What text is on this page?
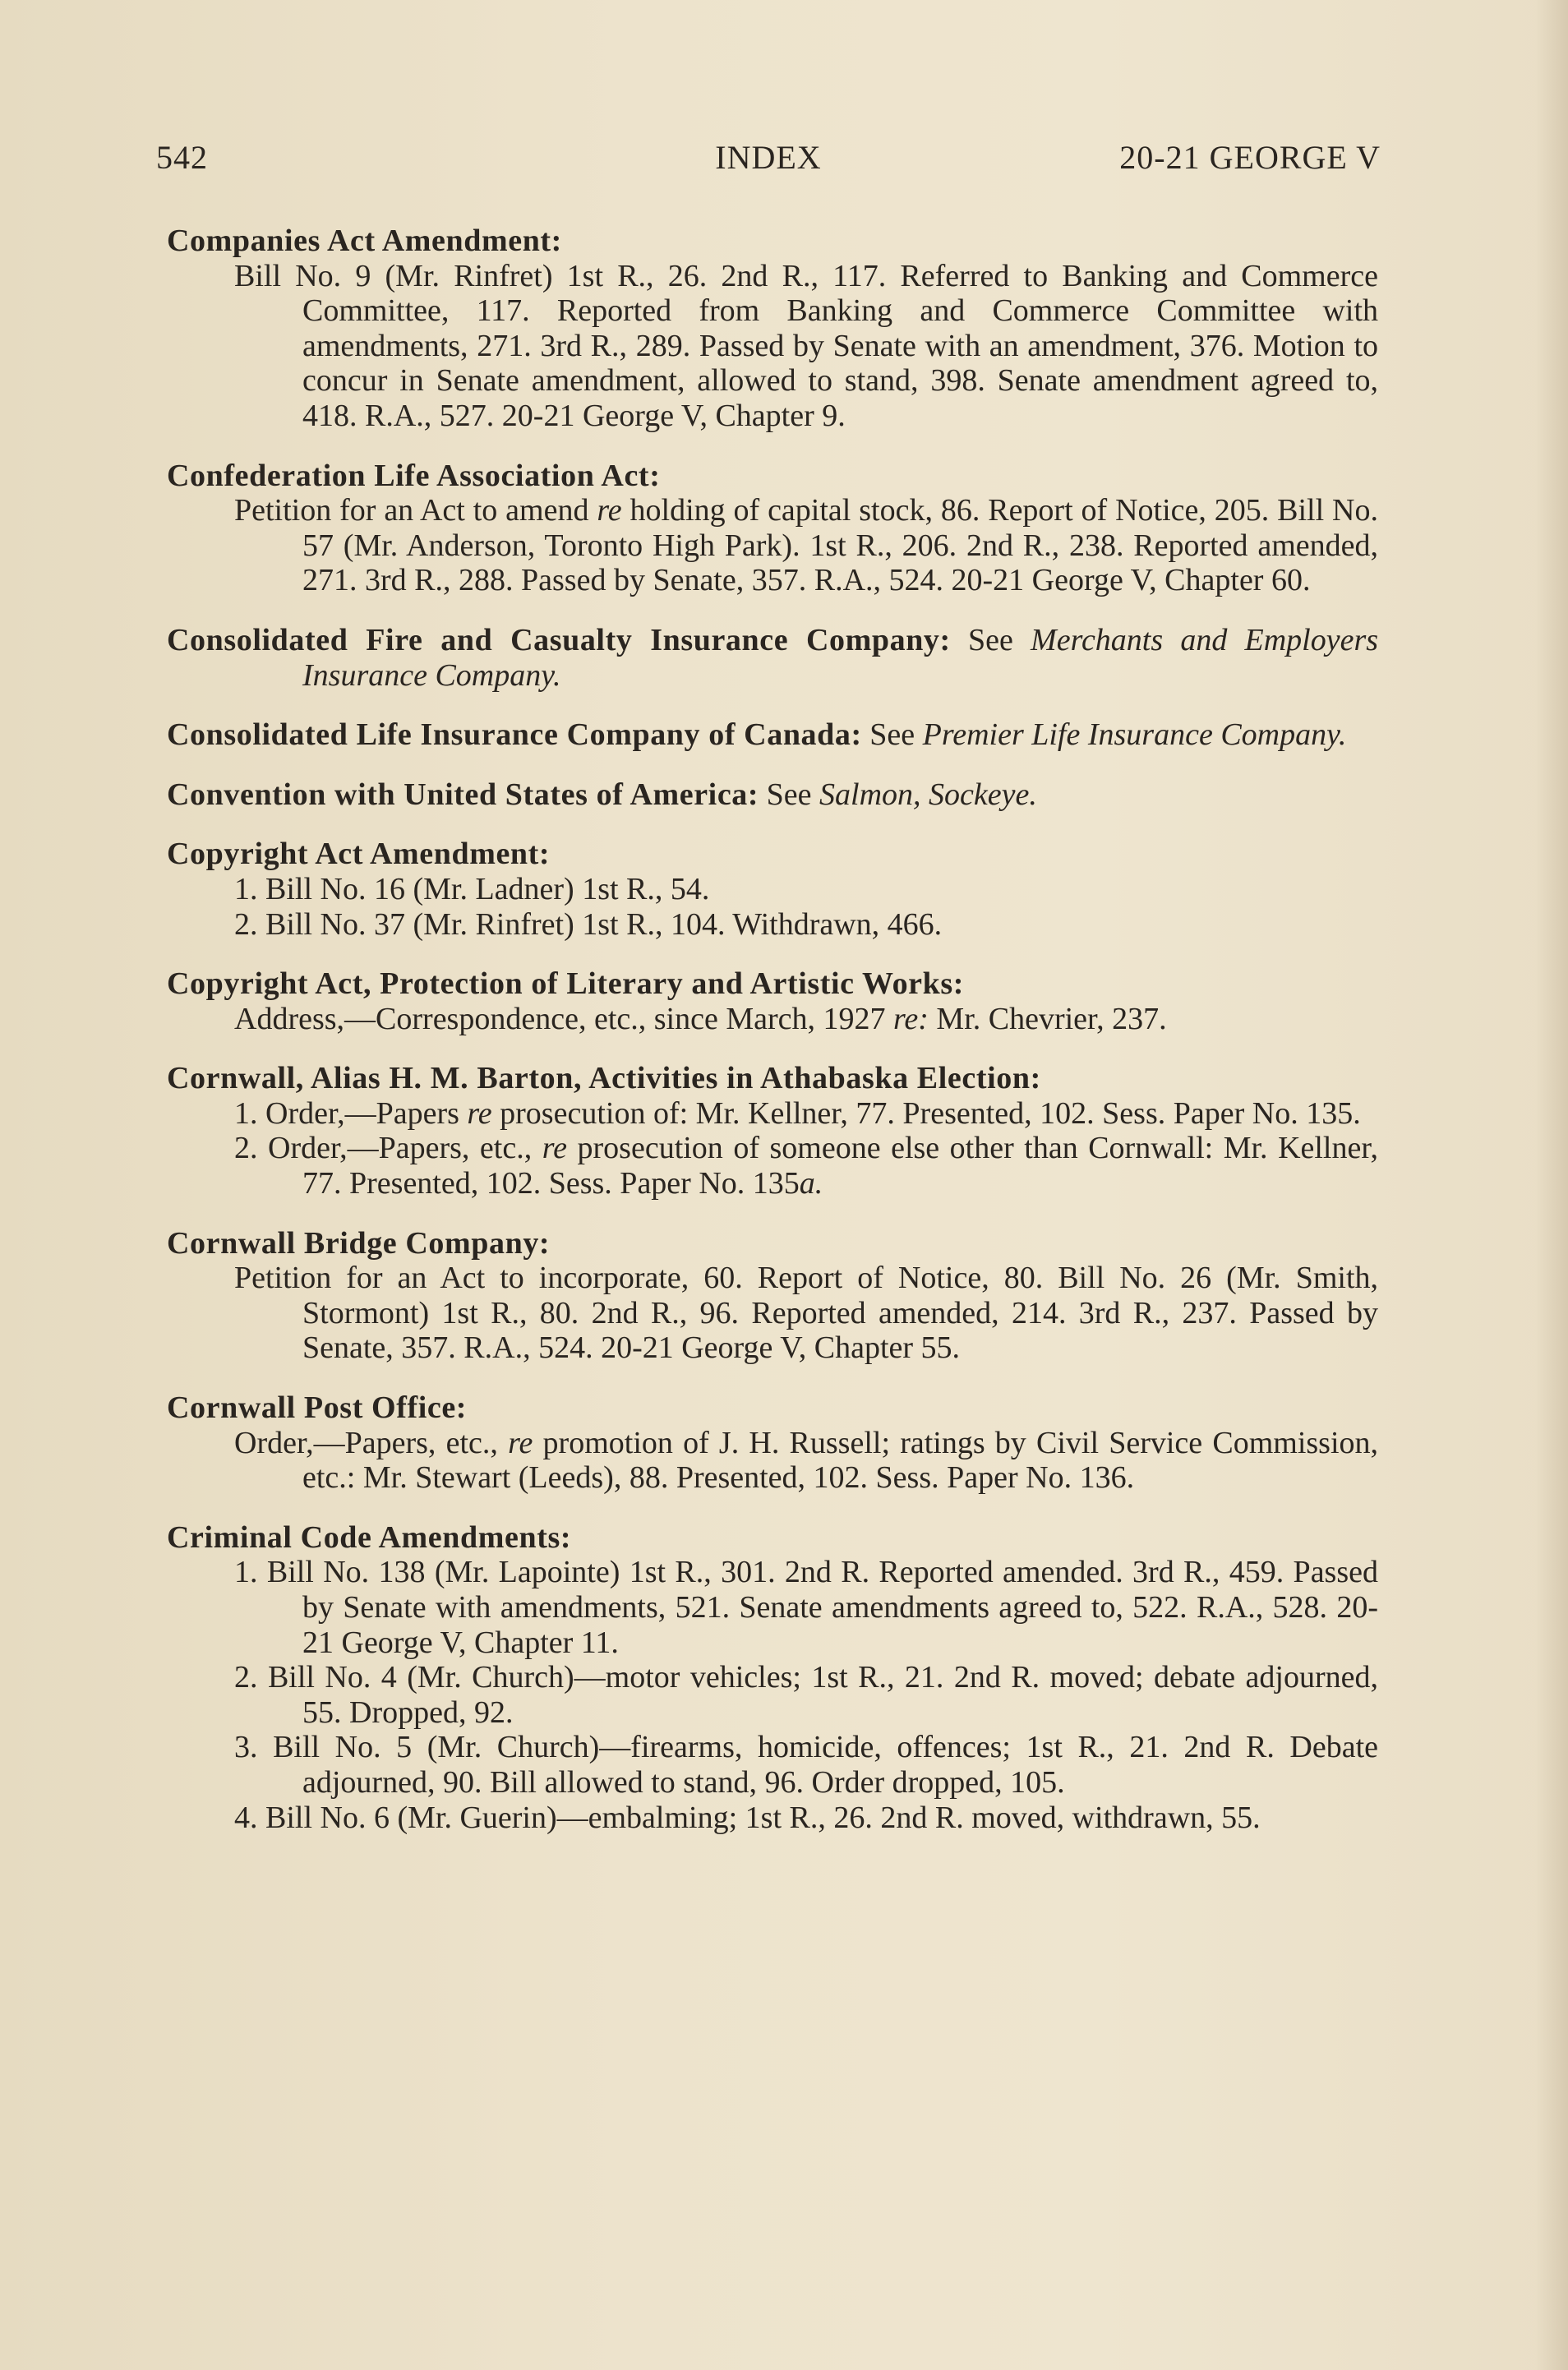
542	INDEX	20-21 GEORGE V
Companies Act Amendment:
Bill No. 9 (Mr. Rinfret) 1st R., 26. 2nd R., 117. Referred to Banking and Commerce Committee, 117. Reported from Banking and Commerce Committee with amendments, 271. 3rd R., 289. Passed by Senate with an amendment, 376. Motion to concur in Senate amendment, allowed to stand, 398. Senate amendment agreed to, 418. R.A., 527. 20-21 George V, Chapter 9.
Confederation Life Association Act:
Petition for an Act to amend re holding of capital stock, 86. Report of Notice, 205. Bill No. 57 (Mr. Anderson, Toronto High Park). 1st R., 206. 2nd R., 238. Reported amended, 271. 3rd R., 288. Passed by Senate, 357. R.A., 524. 20-21 George V, Chapter 60.
Consolidated Fire and Casualty Insurance Company: See Merchants and Employers Insurance Company.
Consolidated Life Insurance Company of Canada: See Premier Life Insurance Company.
Convention with United States of America: See Salmon, Sockeye.
Copyright Act Amendment:
1. Bill No. 16 (Mr. Ladner) 1st R., 54.
2. Bill No. 37 (Mr. Rinfret) 1st R., 104. Withdrawn, 466.
Copyright Act, Protection of Literary and Artistic Works:
Address,—Correspondence, etc., since March, 1927 re: Mr. Chevrier, 237.
Cornwall, Alias H. M. Barton, Activities in Athabaska Election:
1. Order,—Papers re prosecution of: Mr. Kellner, 77. Presented, 102. Sess. Paper No. 135.
2. Order,—Papers, etc., re prosecution of someone else other than Cornwall: Mr. Kellner, 77. Presented, 102. Sess. Paper No. 135a.
Cornwall Bridge Company:
Petition for an Act to incorporate, 60. Report of Notice, 80. Bill No. 26 (Mr. Smith, Stormont) 1st R., 80. 2nd R., 96. Reported amended, 214. 3rd R., 237. Passed by Senate, 357. R.A., 524. 20-21 George V, Chapter 55.
Cornwall Post Office:
Order,—Papers, etc., re promotion of J. H. Russell; ratings by Civil Service Commission, etc.: Mr. Stewart (Leeds), 88. Presented, 102. Sess. Paper No. 136.
Criminal Code Amendments:
1. Bill No. 138 (Mr. Lapointe) 1st R., 301. 2nd R. Reported amended. 3rd R., 459. Passed by Senate with amendments, 521. Senate amendments agreed to, 522. R.A., 528. 20-21 George V, Chapter 11.
2. Bill No. 4 (Mr. Church)—motor vehicles; 1st R., 21. 2nd R. moved; debate adjourned, 55. Dropped, 92.
3. Bill No. 5 (Mr. Church)—firearms, homicide, offences; 1st R., 21. 2nd R. Debate adjourned, 90. Bill allowed to stand, 96. Order dropped, 105.
4. Bill No. 6 (Mr. Guerin)—embalming; 1st R., 26. 2nd R. moved, withdrawn, 55.
